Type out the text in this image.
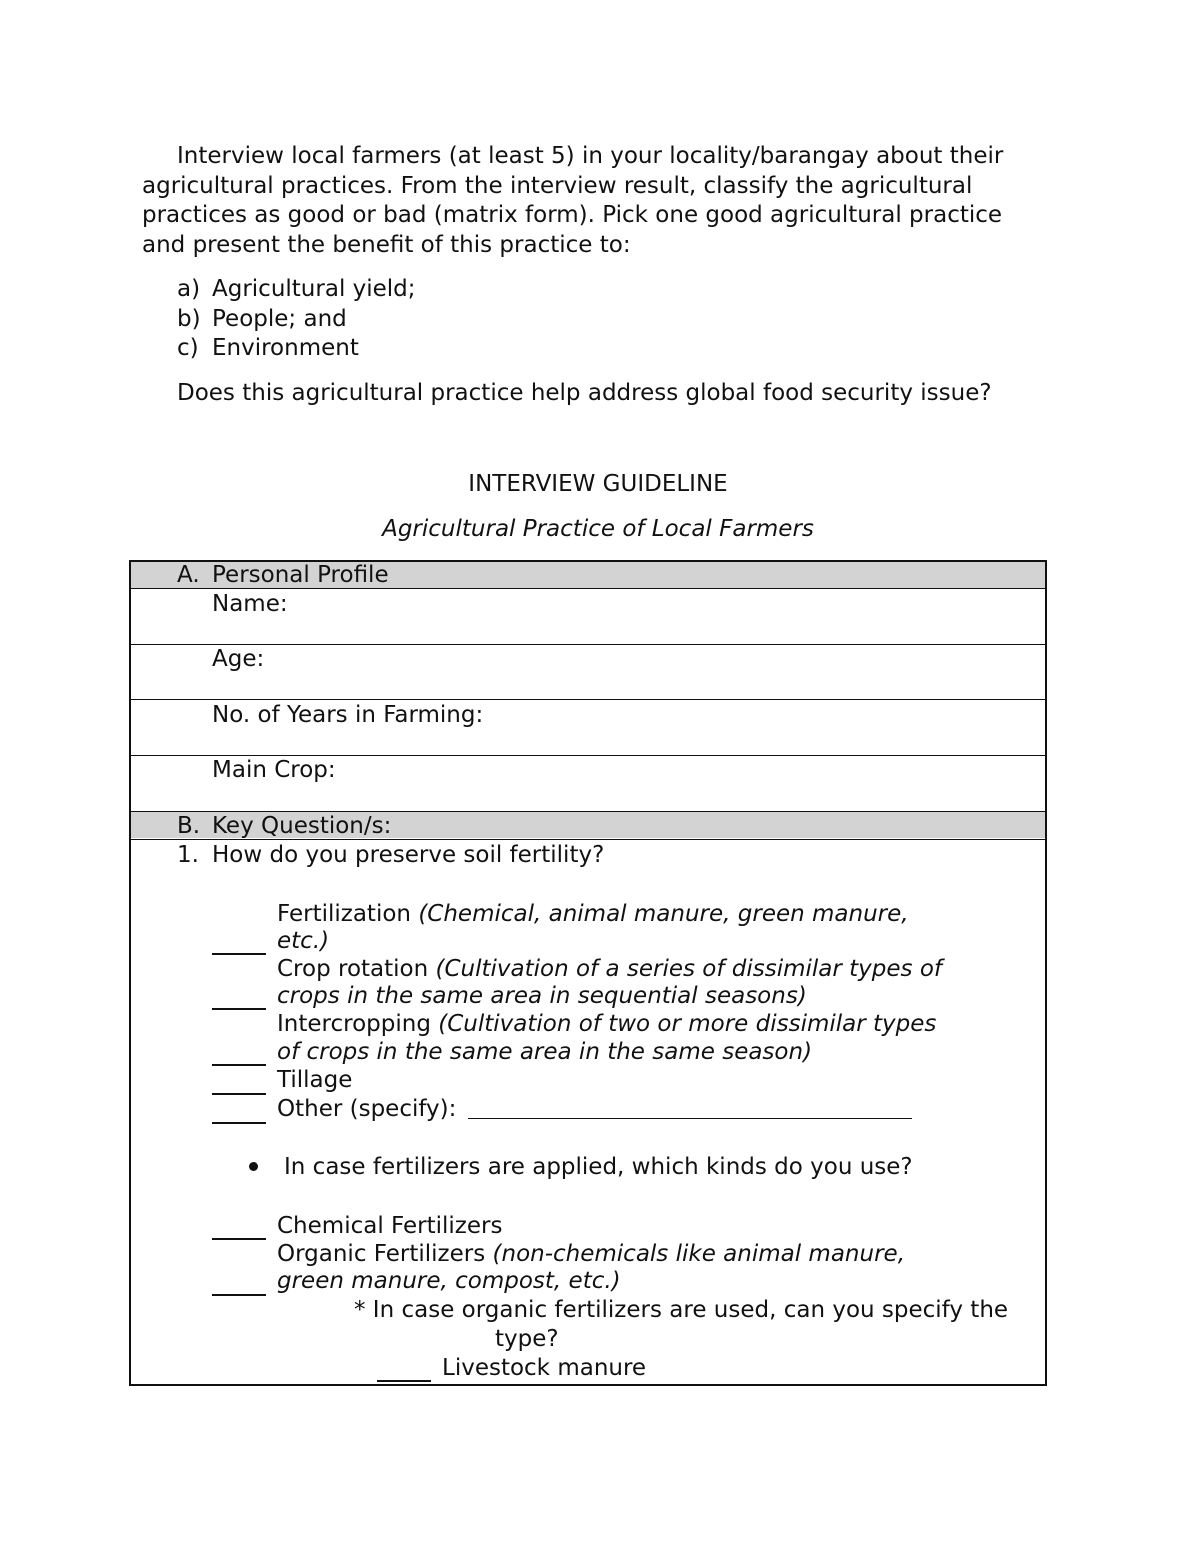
Interview local farmers (at least 5) in your locality/barangay about their agricultural practices. From the interview result, classify the agricultural practices as good or bad (matrix form). Pick one good agricultural practice and present the benefit of this practice to:
a) Agricultural yield;
b) People; and
c) Environment
Does this agricultural practice help address global food security issue?
INTERVIEW GUIDELINE
Agricultural Practice of Local Farmers
A. Personal Profile
Name:
Age:
No. of Years in Farming:
Main Crop:
B. Key Question/s:
1. How do you preserve soil fertility?
Fertilization (Chemical, animal manure, green manure,
etc.)
Crop rotation (Cultivation of a series of dissimilar types of
crops in the same area in sequential seasons)
Intercropping (Cultivation of two or more dissimilar types
of crops in the same area in the same season)
Tillage
Other (specify):
In case fertilizers are applied, which kinds do you use?
Chemical Fertilizers
Organic Fertilizers (non-chemicals like animal manure,
green manure, compost, etc.)
* In case organic fertilizers are used, can you specify the
type?
Livestock manure
